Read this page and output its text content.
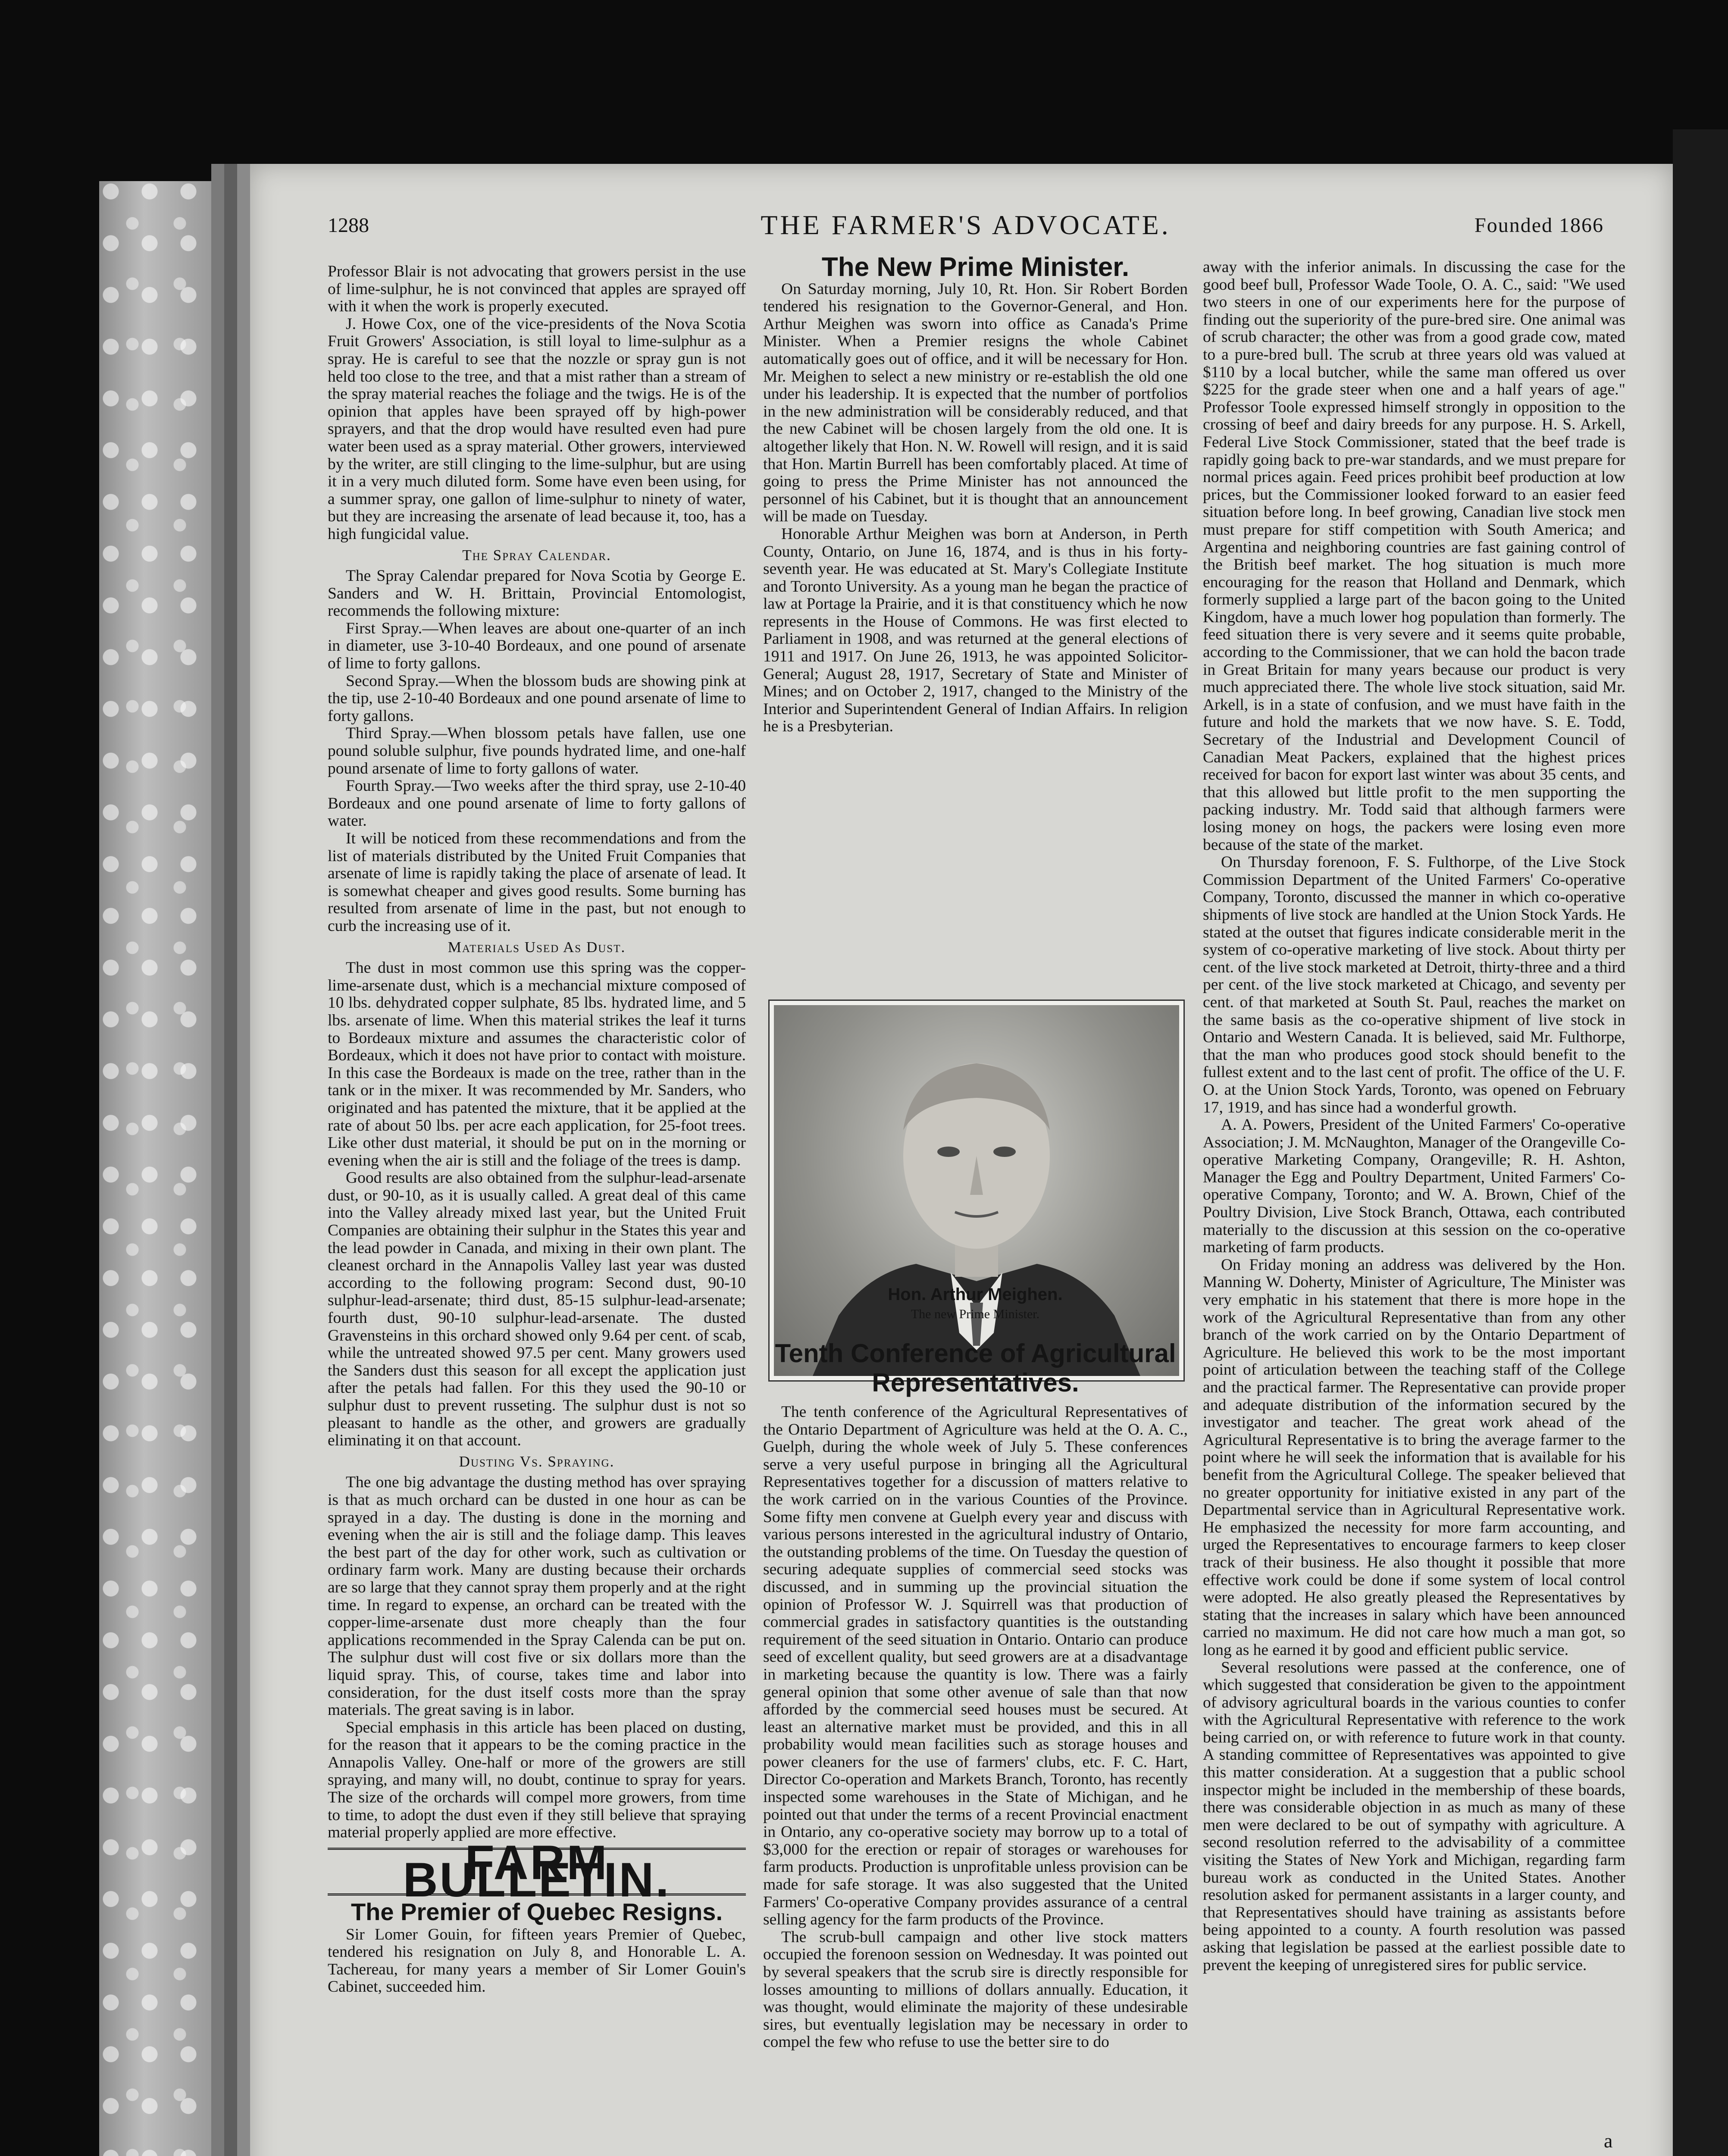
1288	THE FARMER'S ADVOCATE.	Founded 1866

Professor Blair is not advocating that growers persist in the use of lime-sulphur, he is not convinced that apples are sprayed off with it when the work is properly executed.

J. Howe Cox, one of the vice-presidents of the Nova Scotia Fruit Growers' Association, is still loyal to lime-sulphur as a spray. He is careful to see that the nozzle or spray gun is not held too close to the tree, and that a mist rather than a stream of the spray material reaches the foliage and the twigs. He is of the opinion that apples have been sprayed off by high-power sprayers, and that the drop would have resulted even had pure water been used as a spray material. Other growers, interviewed by the writer, are still clinging to the lime-sulphur, but are using it in a very much diluted form. Some have even been using, for a summer spray, one gallon of lime-sulphur to ninety of water, but they are increasing the arsenate of lead because it, too, has a high fungicidal value.

The Spray Calendar.

The Spray Calendar prepared for Nova Scotia by George E. Sanders and W. H. Brittain, Provincial Entomologist, recommends the following mixture:

First Spray.—When leaves are about one-quarter of an inch in diameter, use 3-10-40 Bordeaux, and one pound of arsenate of lime to forty gallons.

Second Spray.—When the blossom buds are showing pink at the tip, use 2-10-40 Bordeaux and one pound arsenate of lime to forty gallons.

Third Spray.—When blossom petals have fallen, use one pound soluble sulphur, five pounds hydrated lime, and one-half pound arsenate of lime to forty gallons of water.

Fourth Spray.—Two weeks after the third spray, use 2-10-40 Bordeaux and one pound arsenate of lime to forty gallons of water.

It will be noticed from these recommendations and from the list of materials distributed by the United Fruit Companies that arsenate of lime is rapidly taking the place of arsenate of lead. It is somewhat cheaper and gives good results. Some burning has resulted from arsenate of lime in the past, but not enough to curb the increasing use of it.

Materials Used As Dust.

The dust in most common use this spring was the copper-lime-arsenate dust, which is a mechancial mixture composed of 10 lbs. dehydrated copper sulphate, 85 lbs. hydrated lime, and 5 lbs. arsenate of lime. When this material strikes the leaf it turns to Bordeaux mixture and assumes the characteristic color of Bordeaux, which it does not have prior to contact with moisture. In this case the Bordeaux is made on the tree, rather than in the tank or in the mixer. It was recommended by Mr. Sanders, who originated and has patented the mixture, that it be applied at the rate of about 50 lbs. per acre each application, for 25-foot trees. Like other dust material, it should be put on in the morning or evening when the air is still and the foliage of the trees is damp.

Good results are also obtained from the sulphur-lead-arsenate dust, or 90-10, as it is usually called. A great deal of this came into the Valley already mixed last year, but the United Fruit Companies are obtaining their sulphur in the States this year and the lead powder in Canada, and mixing in their own plant. The cleanest orchard in the Annapolis Valley last year was dusted according to the following program: Second dust, 90-10 sulphur-lead-arsenate; third dust, 85-15 sulphur-lead-arsenate; fourth dust, 90-10 sulphur-lead-arsenate. The dusted Gravensteins in this orchard showed only 9.64 per cent. of scab, while the untreated showed 97.5 per cent. Many growers used the Sanders dust this season for all except the application just after the petals had fallen. For this they used the 90-10 or sulphur dust to prevent russeting. The sulphur dust is not so pleasant to handle as the other, and growers are gradually eliminating it on that account.

Dusting Vs. Spraying.

The one big advantage the dusting method has over spraying is that as much orchard can be dusted in one hour as can be sprayed in a day. The dusting is done in the morning and evening when the air is still and the foliage damp. This leaves the best part of the day for other work, such as cultivation or ordinary farm work. Many are dusting because their orchards are so large that they cannot spray them properly and at the right time. In regard to expense, an orchard can be treated with the copper-lime-arsenate dust more cheaply than the four applications recommended in the Spray Calenda can be put on. The sulphur dust will cost five or six dollars more than the liquid spray. This, of course, takes time and labor into consideration, for the dust itself costs more than the spray materials. The great saving is in labor.

Special emphasis in this article has been placed on dusting, for the reason that it appears to be the coming practice in the Annapolis Valley. One-half or more of the growers are still spraying, and many will, no doubt, continue to spray for years. The size of the orchards will compel more growers, from time to time, to adopt the dust even if they still believe that spraying material properly applied are more effective.

FARM BULLETIN.
The Premier of Quebec Resigns.

Sir Lomer Gouin, for fifteen years Premier of Quebec, tendered his resignation on July 8, and Honorable L. A. Tachereau, for many years a member of Sir Lomer Gouin's Cabinet, succeeded him.

The New Prime Minister.

On Saturday morning, July 10, Rt. Hon. Sir Robert Borden tendered his resignation to the Governor-General, and Hon. Arthur Meighen was sworn into office as Canada's Prime Minister. When a Premier resigns the whole Cabinet automatically goes out of office, and it will be necessary for Hon. Mr. Meighen to select a new ministry or re-establish the old one under his leadership. It is expected that the number of portfolios in the new administration will be considerably reduced, and that the new Cabinet will be chosen largely from the old one. It is altogether likely that Hon. N. W. Rowell will resign, and it is said that Hon. Martin Burrell has been comfortably placed. At time of going to press the Prime Minister has not announced the personnel of his Cabinet, but it is thought that an announcement will be made on Tuesday.

Honorable Arthur Meighen was born at Anderson, in Perth County, Ontario, on June 16, 1874, and is thus in his forty-seventh year. He was educated at St. Mary's Collegiate Institute and Toronto University. As a young man he began the practice of law at Portage la Prairie, and it is that constituency which he now represents in the House of Commons. He was first elected to Parliament in 1908, and was returned at the general elections of 1911 and 1917. On June 26, 1913, he was appointed Solicitor-General; August 28, 1917, Secretary of State and Minister of Mines; and on October 2, 1917, changed to the Ministry of the Interior and Superintendent General of Indian Affairs. In religion he is a Presbyterian.

Hon. Arthur Meighen.
The new Prime Minister.
Tenth Conference of Agricultural Representatives.

The tenth conference of the Agricultural Representatives of the Ontario Department of Agriculture was held at the O. A. C., Guelph, during the whole week of July 5. These conferences serve a very useful purpose in bringing all the Agricultural Representatives together for a discussion of matters relative to the work carried on in the various Counties of the Province. Some fifty men convene at Guelph every year and discuss with various persons interested in the agricultural industry of Ontario, the outstanding problems of the time. On Tuesday the question of securing adequate supplies of commercial seed stocks was discussed, and in summing up the provincial situation the opinion of Professor W. J. Squirrell was that production of commercial grades in satisfactory quantities is the outstanding requirement of the seed situation in Ontario. Ontario can produce seed of excellent quality, but seed growers are at a disadvantage in marketing because the quantity is low. There was a fairly general opinion that some other avenue of sale than that now afforded by the commercial seed houses must be secured. At least an alternative market must be provided, and this in all probability would mean facilities such as storage houses and power cleaners for the use of farmers' clubs, etc. F. C. Hart, Director Co-operation and Markets Branch, Toronto, has recently inspected some warehouses in the State of Michigan, and he pointed out that under the terms of a recent Provincial enactment in Ontario, any co-operative society may borrow up to a total of $3,000 for the erection or repair of storages or warehouses for farm products. Production is unprofitable unless provision can be made for safe storage. It was also suggested that the United Farmers' Co-operative Company provides assurance of a central selling agency for the farm products of the Province.

The scrub-bull campaign and other live stock matters occupied the forenoon session on Wednesday. It was pointed out by several speakers that the scrub sire is directly responsible for losses amounting to millions of dollars annually. Education, it was thought, would eliminate the majority of these undesirable sires, but eventually legislation may be necessary in order to compel the few who refuse to use the better sire to do

away with the inferior animals. In discussing the case for the good beef bull, Professor Wade Toole, O. A. C., said: "We used two steers in one of our experiments here for the purpose of finding out the superiority of the pure-bred sire. One animal was of scrub character; the other was from a good grade cow, mated to a pure-bred bull. The scrub at three years old was valued at $110 by a local butcher, while the same man offered us over $225 for the grade steer when one and a half years of age." Professor Toole expressed himself strongly in opposition to the crossing of beef and dairy breeds for any purpose. H. S. Arkell, Federal Live Stock Commissioner, stated that the beef trade is rapidly going back to pre-war standards, and we must prepare for normal prices again. Feed prices prohibit beef production at low prices, but the Commissioner looked forward to an easier feed situation before long. In beef growing, Canadian live stock men must prepare for stiff competition with South America; and Argentina and neighboring countries are fast gaining control of the British beef market. The hog situation is much more encouraging for the reason that Holland and Denmark, which formerly supplied a large part of the bacon going to the United Kingdom, have a much lower hog population than formerly. The feed situation there is very severe and it seems quite probable, according to the Commissioner, that we can hold the bacon trade in Great Britain for many years because our product is very much appreciated there. The whole live stock situation, said Mr. Arkell, is in a state of confusion, and we must have faith in the future and hold the markets that we now have. S. E. Todd, Secretary of the Industrial and Development Council of Canadian Meat Packers, explained that the highest prices received for bacon for export last winter was about 35 cents, and that this allowed but little profit to the men supporting the packing industry. Mr. Todd said that although farmers were losing money on hogs, the packers were losing even more because of the state of the market.

On Thursday forenoon, F. S. Fulthorpe, of the Live Stock Commission Department of the United Farmers' Co-operative Company, Toronto, discussed the manner in which co-operative shipments of live stock are handled at the Union Stock Yards. He stated at the outset that figures indicate considerable merit in the system of co-operative marketing of live stock. About thirty per cent. of the live stock marketed at Detroit, thirty-three and a third per cent. of the live stock marketed at Chicago, and seventy per cent. of that marketed at South St. Paul, reaches the market on the same basis as the co-operative shipment of live stock in Ontario and Western Canada. It is believed, said Mr. Fulthorpe, that the man who produces good stock should benefit to the fullest extent and to the last cent of profit. The office of the U. F. O. at the Union Stock Yards, Toronto, was opened on February 17, 1919, and has since had a wonderful growth.

A. A. Powers, President of the United Farmers' Co-operative Association; J. M. McNaughton, Manager of the Orangeville Co-operative Marketing Company, Orangeville; R. H. Ashton, Manager the Egg and Poultry Department, United Farmers' Co-operative Company, Toronto; and W. A. Brown, Chief of the Poultry Division, Live Stock Branch, Ottawa, each contributed materially to the discussion at this session on the co-operative marketing of farm products.

On Friday moning an address was delivered by the Hon. Manning W. Doherty, Minister of Agriculture, The Minister was very emphatic in his statement that there is more hope in the work of the Agricultural Representative than from any other branch of the work carried on by the Ontario Department of Agriculture. He believed this work to be the most important point of articulation between the teaching staff of the College and the practical farmer. The Representative can provide proper and adequate distribution of the information secured by the investigator and teacher. The great work ahead of the Agricultural Representative is to bring the average farmer to the point where he will seek the information that is available for his benefit from the Agricultural College. The speaker believed that no greater opportunity for initiative existed in any part of the Departmental service than in Agricultural Representative work. He emphasized the necessity for more farm accounting, and urged the Representatives to encourage farmers to keep closer track of their business. He also thought it possible that more effective work could be done if some system of local control were adopted. He also greatly pleased the Representatives by stating that the increases in salary which have been announced carried no maximum. He did not care how much a man got, so long as he earned it by good and efficient public service.

Several resolutions were passed at the conference, one of which suggested that consideration be given to the appointment of advisory agricultural boards in the various counties to confer with the Agricultural Representative with reference to the work being carried on, or with reference to future work in that county. A standing committee of Representatives was appointed to give this matter consideration. At a suggestion that a public school inspector might be included in the membership of these boards, there was considerable objection in as much as many of these men were declared to be out of sympathy with agriculture. A second resolution referred to the advisability of a committee visiting the States of New York and Michigan, regarding farm bureau work as conducted in the United States. Another resolution asked for permanent assistants in a larger county, and that Representatives should have training as assistants before being appointed to a county. A fourth resolution was passed asking that legislation be passed at the earliest possible date to prevent the keeping of unregistered sires for public service.

a
